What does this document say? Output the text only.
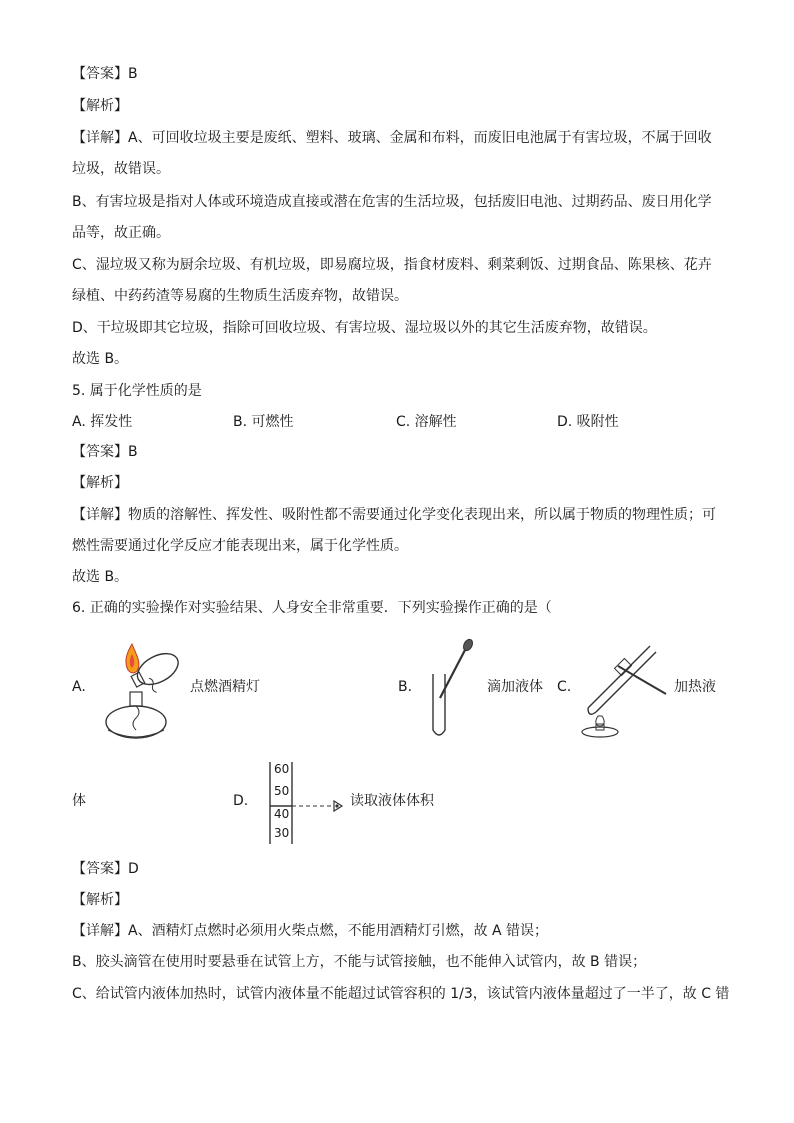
【答案】B
【解析】
【详解】A、可回收垃圾主要是废纸、塑料、玻璃、金属和布料，而废旧电池属于有害垃圾，不属于回收
垃圾，故错误。
B、有害垃圾是指对人体或环境造成直接或潜在危害的生活垃圾，包括废旧电池、过期药品、废日用化学
品等，故正确。
C、湿垃圾又称为厨余垃圾、有机垃圾，即易腐垃圾，指食材废料、剩菜剩饭、过期食品、陈果核、花卉
绿植、中药药渣等易腐的生物质生活废弃物，故错误。
D、干垃圾即其它垃圾，指除可回收垃圾、有害垃圾、湿垃圾以外的其它生活废弃物，故错误。
故选 B。
5. 属于化学性质的是
A. 挥发性	B. 可燃性	C. 溶解性	D. 吸附性
【答案】B
【解析】
【详解】物质的溶解性、挥发性、吸附性都不需要通过化学变化表现出来，所以属于物质的物理性质；可
燃性需要通过化学反应才能表现出来，属于化学性质。
故选 B。
6. 正确的实验操作对实验结果、人身安全非常重要．下列实验操作正确的是（
A.	点燃酒精灯	B.	滴加液体 C.	加热液
体	D.
60
50
40
30
读取液体体积
【答案】D
【解析】
【详解】A、酒精灯点燃时必须用火柴点燃，不能用酒精灯引燃，故 A 错误；
B、胶头滴管在使用时要悬垂在试管上方，不能与试管接触，也不能伸入试管内，故 B 错误；
C、给试管内液体加热时，试管内液体量不能超过试管容积的 1/3，该试管内液体量超过了一半了，故 C 错
